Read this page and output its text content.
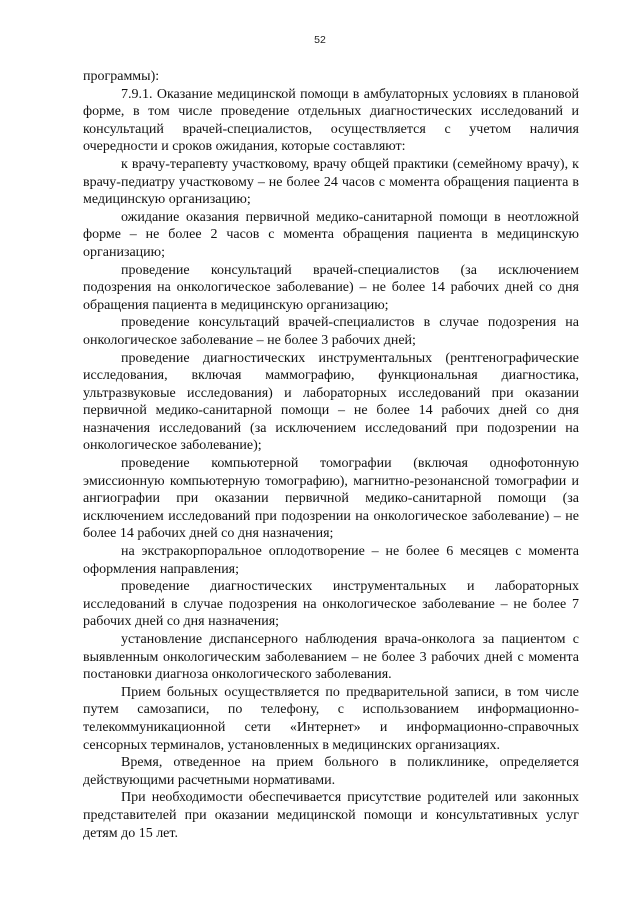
52

программы):

7.9.1. Оказание медицинской помощи в амбулаторных условиях в плановой форме, в том числе проведение отдельных диагностических исследований и консультаций врачей-специалистов, осуществляется с учетом наличия очередности и сроков ожидания, которые составляют:

к врачу-терапевту участковому, врачу общей практики (семейному врачу), к врачу-педиатру участковому – не более 24 часов с момента обращения пациента в медицинскую организацию;

ожидание оказания первичной медико-санитарной помощи в неотложной форме – не более 2 часов с момента обращения пациента в медицинскую организацию;

проведение консультаций врачей-специалистов (за исключением подозрения на онкологическое заболевание) – не более 14 рабочих дней со дня обращения пациента в медицинскую организацию;

проведение консультаций врачей-специалистов в случае подозрения на онкологическое заболевание – не более 3 рабочих дней;

проведение диагностических инструментальных (рентгенографические исследования, включая маммографию, функциональная диагностика, ультразвуковые исследования) и лабораторных исследований при оказании первичной медико-санитарной помощи – не более 14 рабочих дней со дня назначения исследований (за исключением исследований при подозрении на онкологическое заболевание);

проведение компьютерной томографии (включая однофотонную эмиссионную компьютерную томографию), магнитно-резонансной томографии и ангиографии при оказании первичной медико-санитарной помощи (за исключением исследований при подозрении на онкологическое заболевание) – не более 14 рабочих дней со дня назначения;

на экстракорпоральное оплодотворение – не более 6 месяцев с момента оформления направления;

проведение диагностических инструментальных и лабораторных исследований в случае подозрения на онкологическое заболевание – не более 7 рабочих дней со дня назначения;

установление диспансерного наблюдения врача-онколога за пациентом с выявленным онкологическим заболеванием – не более 3 рабочих дней с момента постановки диагноза онкологического заболевания.

Прием больных осуществляется по предварительной записи, в том числе путем самозаписи, по телефону, с использованием информационно-телекоммуникационной сети «Интернет» и информационно-справочных сенсорных терминалов, установленных в медицинских организациях.

Время, отведенное на прием больного в поликлинике, определяется действующими расчетными нормативами.

При необходимости обеспечивается присутствие родителей или законных представителей при оказании медицинской помощи и консультативных услуг детям до 15 лет.
